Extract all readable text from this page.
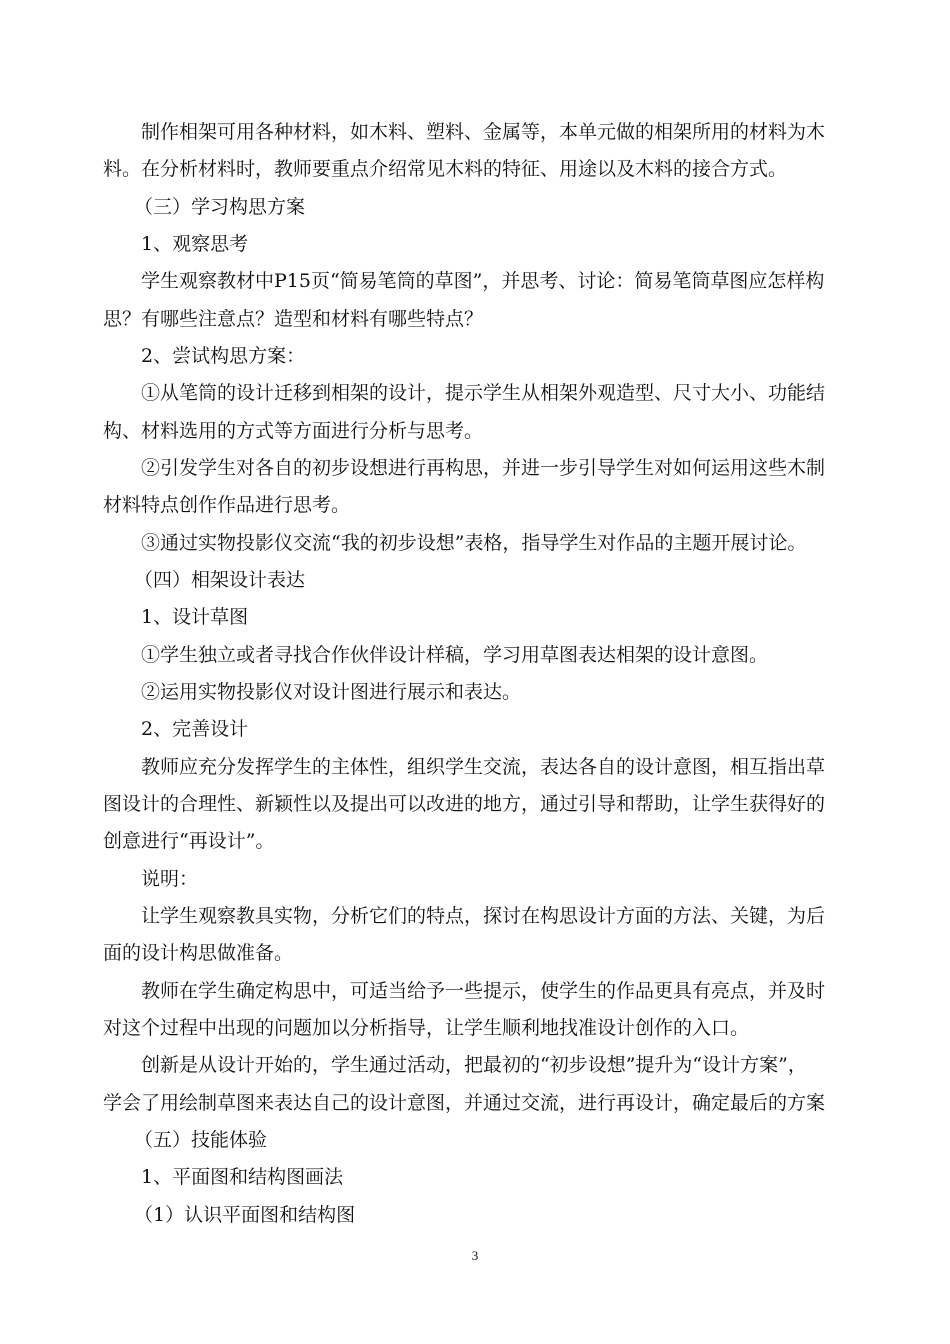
制作相架可用各种材料，如木料、塑料、金属等，本单元做的相架所用的材料为木
料。在分析材料时，教师要重点介绍常见木料的特征、用途以及木料的接合方式。
（三）学习构思方案
1、观察思考
学生观察教材中P15页“简易笔筒的草图”，并思考、讨论：简易笔筒草图应怎样构
思？有哪些注意点？造型和材料有哪些特点？
2、尝试构思方案：
①从笔筒的设计迁移到相架的设计，提示学生从相架外观造型、尺寸大小、功能结
构、材料选用的方式等方面进行分析与思考。
②引发学生对各自的初步设想进行再构思，并进一步引导学生对如何运用这些木制
材料特点创作作品进行思考。
③通过实物投影仪交流“我的初步设想”表格，指导学生对作品的主题开展讨论。
（四）相架设计表达
1、设计草图
①学生独立或者寻找合作伙伴设计样稿，学习用草图表达相架的设计意图。
②运用实物投影仪对设计图进行展示和表达。
2、完善设计
教师应充分发挥学生的主体性，组织学生交流，表达各自的设计意图，相互指出草
图设计的合理性、新颖性以及提出可以改进的地方，通过引导和帮助，让学生获得好的
创意进行“再设计”。
说明：
让学生观察教具实物，分析它们的特点，探讨在构思设计方面的方法、关键，为后
面的设计构思做准备。
教师在学生确定构思中，可适当给予一些提示，使学生的作品更具有亮点，并及时
对这个过程中出现的问题加以分析指导，让学生顺利地找准设计创作的入口。
创新是从设计开始的，学生通过活动，把最初的“初步设想”提升为“设计方案”，
学会了用绘制草图来表达自己的设计意图，并通过交流，进行再设计，确定最后的方案
（五）技能体验
1、平面图和结构图画法
（1）认识平面图和结构图
3
